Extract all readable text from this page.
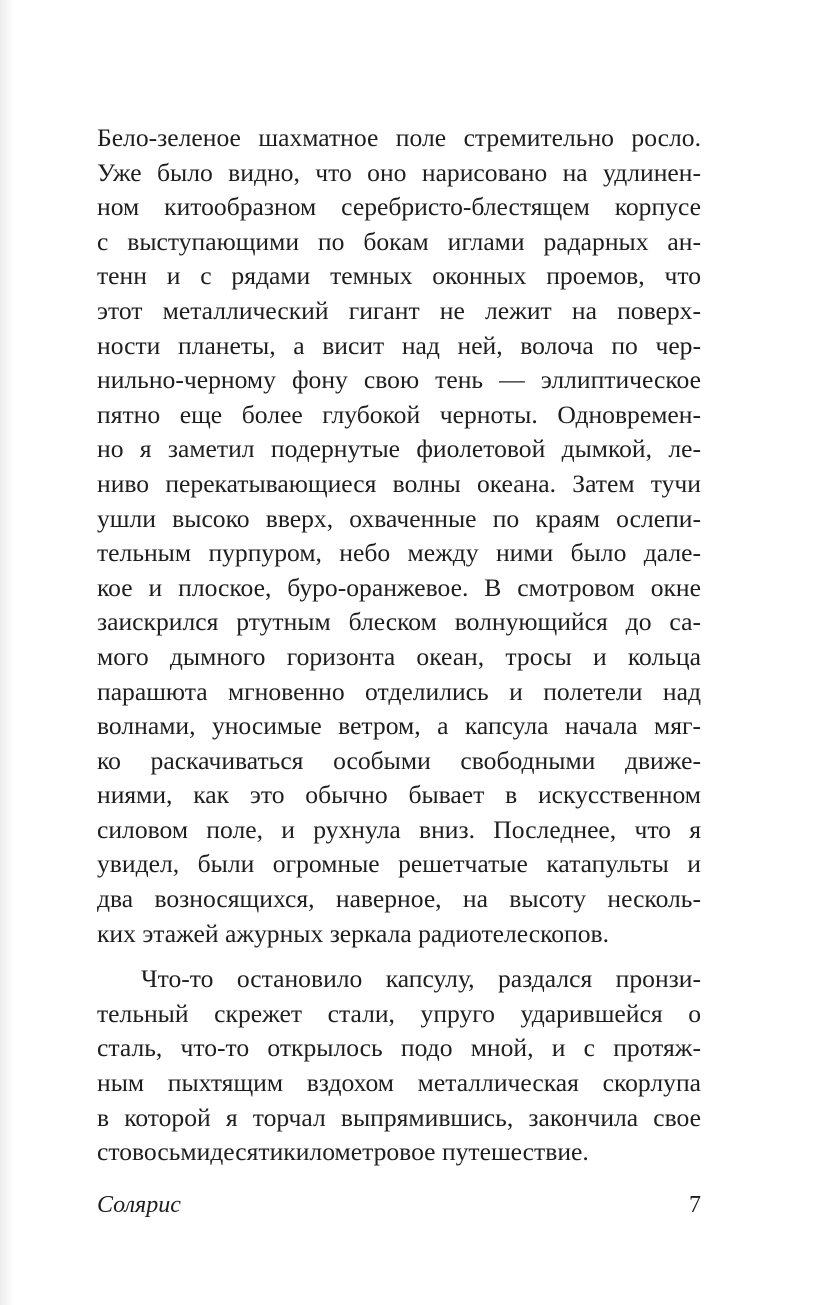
Бело-зеленое шахматное поле стремительно росло.
Уже было видно, что оно нарисовано на удлинен-
ном китообразном серебристо-блестящем корпусе
с выступающими по бокам иглами радарных ан-
тенн и с рядами темных оконных проемов, что
этот металлический гигант не лежит на поверх-
ности планеты, а висит над ней, волоча по чер-
нильно-черному фону свою тень — эллиптическое
пятно еще более глубокой черноты. Одновремен-
но я заметил подернутые фиолетовой дымкой, ле-
ниво перекатывающиеся волны океана. Затем тучи
ушли высоко вверх, охваченные по краям ослепи-
тельным пурпуром, небо между ними было дале-
кое и плоское, буро-оранжевое. В смотровом окне
заискрился ртутным блеском волнующийся до са-
мого дымного горизонта океан, тросы и кольца
парашюта мгновенно отделились и полетели над
волнами, уносимые ветром, а капсула начала мяг-
ко раскачиваться особыми свободными движе-
ниями, как это обычно бывает в искусственном
силовом поле, и рухнула вниз. Последнее, что я
увидел, были огромные решетчатые катапульты и
два возносящихся, наверное, на высоту несколь-
ких этажей ажурных зеркала радиотелескопов.
Что-то остановило капсулу, раздался пронзи-
тельный скрежет стали, упруго ударившейся о
сталь, что-то открылось подо мной, и с протяж-
ным пыхтящим вздохом металлическая скорлупа
в которой я торчал выпрямившись, закончила свое
стовосьмидесятикилометровое путешествие.
Солярис	7
